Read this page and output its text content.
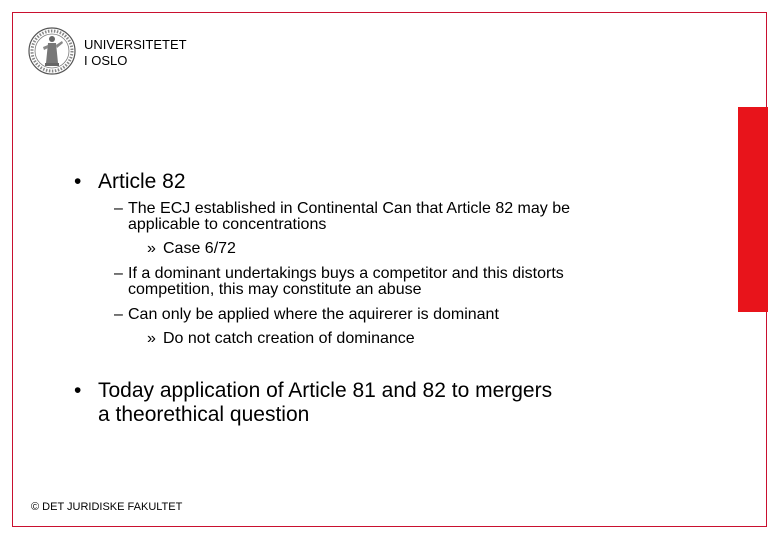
UNIVERSITETET
I OSLO
• Article 82
– The ECJ established in Continental Can that Article 82 may be
applicable to concentrations
» Case 6/72
– If a dominant undertakings buys a competitor and this distorts
competition, this may constitute an abuse
– Can only be applied where the aquirerer is dominant
» Do not catch creation of dominance
• Today application of Article 81 and 82 to mergers
a theorethical question
© DET JURIDISKE FAKULTET
